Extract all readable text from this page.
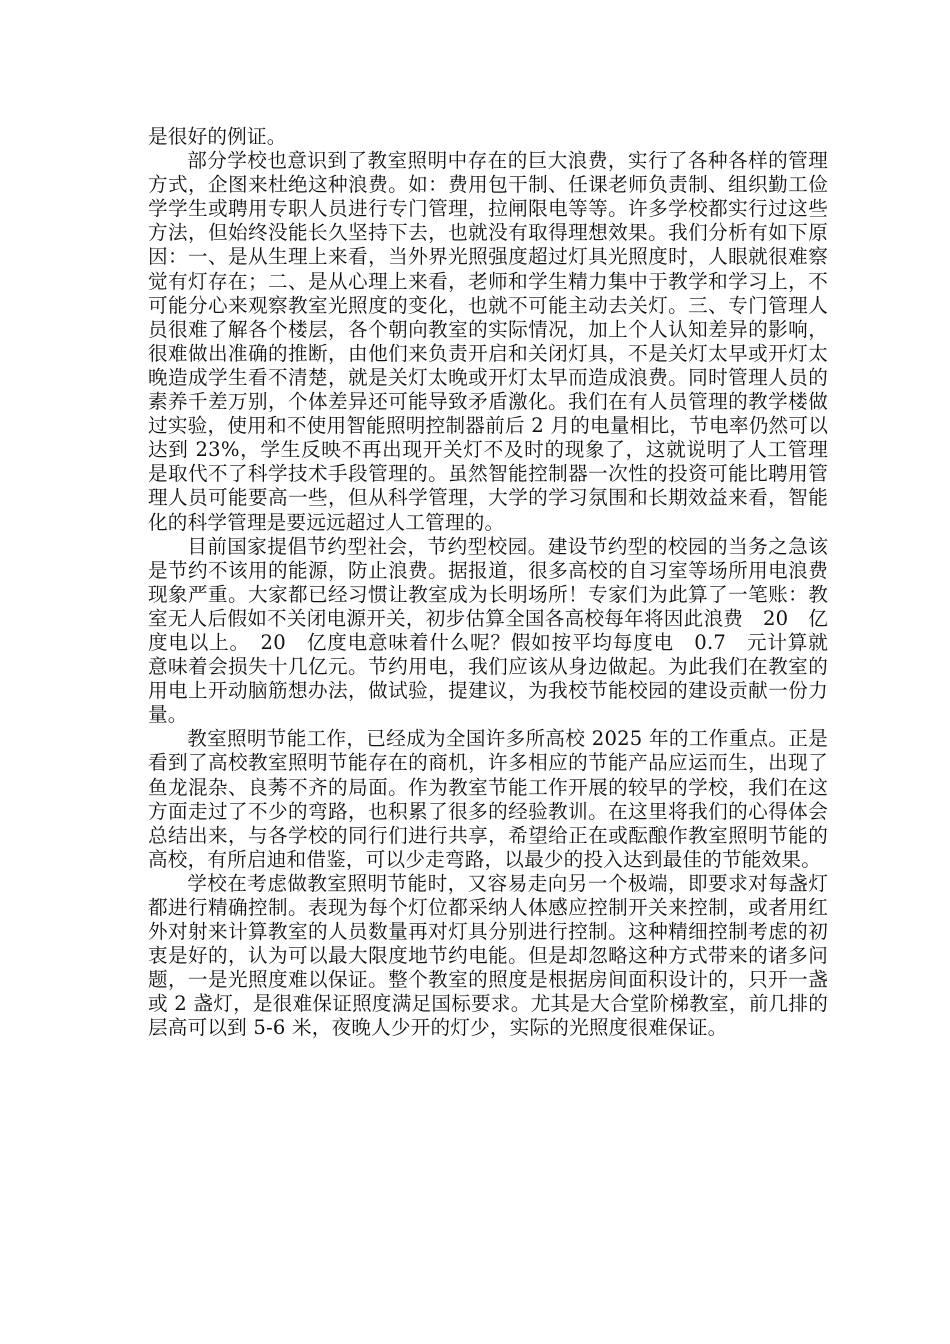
是很好的例证。

部分学校也意识到了教室照明中存在的巨大浪费，实行了各种各样的管理方式，企图来杜绝这种浪费。如：费用包干制、任课老师负责制、组织勤工俭学学生或聘用专职人员进行专门管理，拉闸限电等等。许多学校都实行过这些方法，但始终没能长久坚持下去，也就没有取得理想效果。我们分析有如下原因：一、是从生理上来看，当外界光照强度超过灯具光照度时，人眼就很难察觉有灯存在；二、是从心理上来看，老师和学生精力集中于教学和学习上，不可能分心来观察教室光照度的变化，也就不可能主动去关灯。三、专门管理人员很难了解各个楼层，各个朝向教室的实际情况，加上个人认知差异的影响，很难做出准确的推断，由他们来负责开启和关闭灯具，不是关灯太早或开灯太晚造成学生看不清楚，就是关灯太晚或开灯太早而造成浪费。同时管理人员的素养千差万别，个体差异还可能导致矛盾激化。我们在有人员管理的教学楼做过实验，使用和不使用智能照明控制器前后 2 月的电量相比，节电率仍然可以达到 23%，学生反映不再出现开关灯不及时的现象了，这就说明了人工管理是取代不了科学技术手段管理的。虽然智能控制器一次性的投资可能比聘用管理人员可能要高一些，但从科学管理，大学的学习氛围和长期效益来看，智能化的科学管理是要远远超过人工管理的。

目前国家提倡节约型社会，节约型校园。建设节约型的校园的当务之急该是节约不该用的能源，防止浪费。据报道，很多高校的自习室等场所用电浪费现象严重。大家都已经习惯让教室成为长明场所！专家们为此算了一笔账：教室无人后假如不关闭电源开关，初步估算全国各高校每年将因此浪费　20　亿度电以上。　20　亿度电意味着什么呢？假如按平均每度电　0.7　元计算就意味着会损失十几亿元。节约用电，我们应该从身边做起。为此我们在教室的用电上开动脑筋想办法，做试验，提建议，为我校节能校园的建设贡献一份力量。

教室照明节能工作，已经成为全国许多所高校 2025 年的工作重点。正是看到了高校教室照明节能存在的商机，许多相应的节能产品应运而生，出现了鱼龙混杂、良莠不齐的局面。作为教室节能工作开展的较早的学校，我们在这方面走过了不少的弯路，也积累了很多的经验教训。在这里将我们的心得体会总结出来，与各学校的同行们进行共享，希望给正在或酝酿作教室照明节能的高校，有所启迪和借鉴，可以少走弯路，以最少的投入达到最佳的节能效果。

学校在考虑做教室照明节能时，又容易走向另一个极端，即要求对每盏灯都进行精确控制。表现为每个灯位都采纳人体感应控制开关来控制，或者用红外对射来计算教室的人员数量再对灯具分别进行控制。这种精细控制考虑的初衷是好的，认为可以最大限度地节约电能。但是却忽略这种方式带来的诸多问题，一是光照度难以保证。整个教室的照度是根据房间面积设计的，只开一盏或 2 盏灯，是很难保证照度满足国标要求。尤其是大合堂阶梯教室，前几排的层高可以到 5-6 米，夜晚人少开的灯少，实际的光照度很难保证。
